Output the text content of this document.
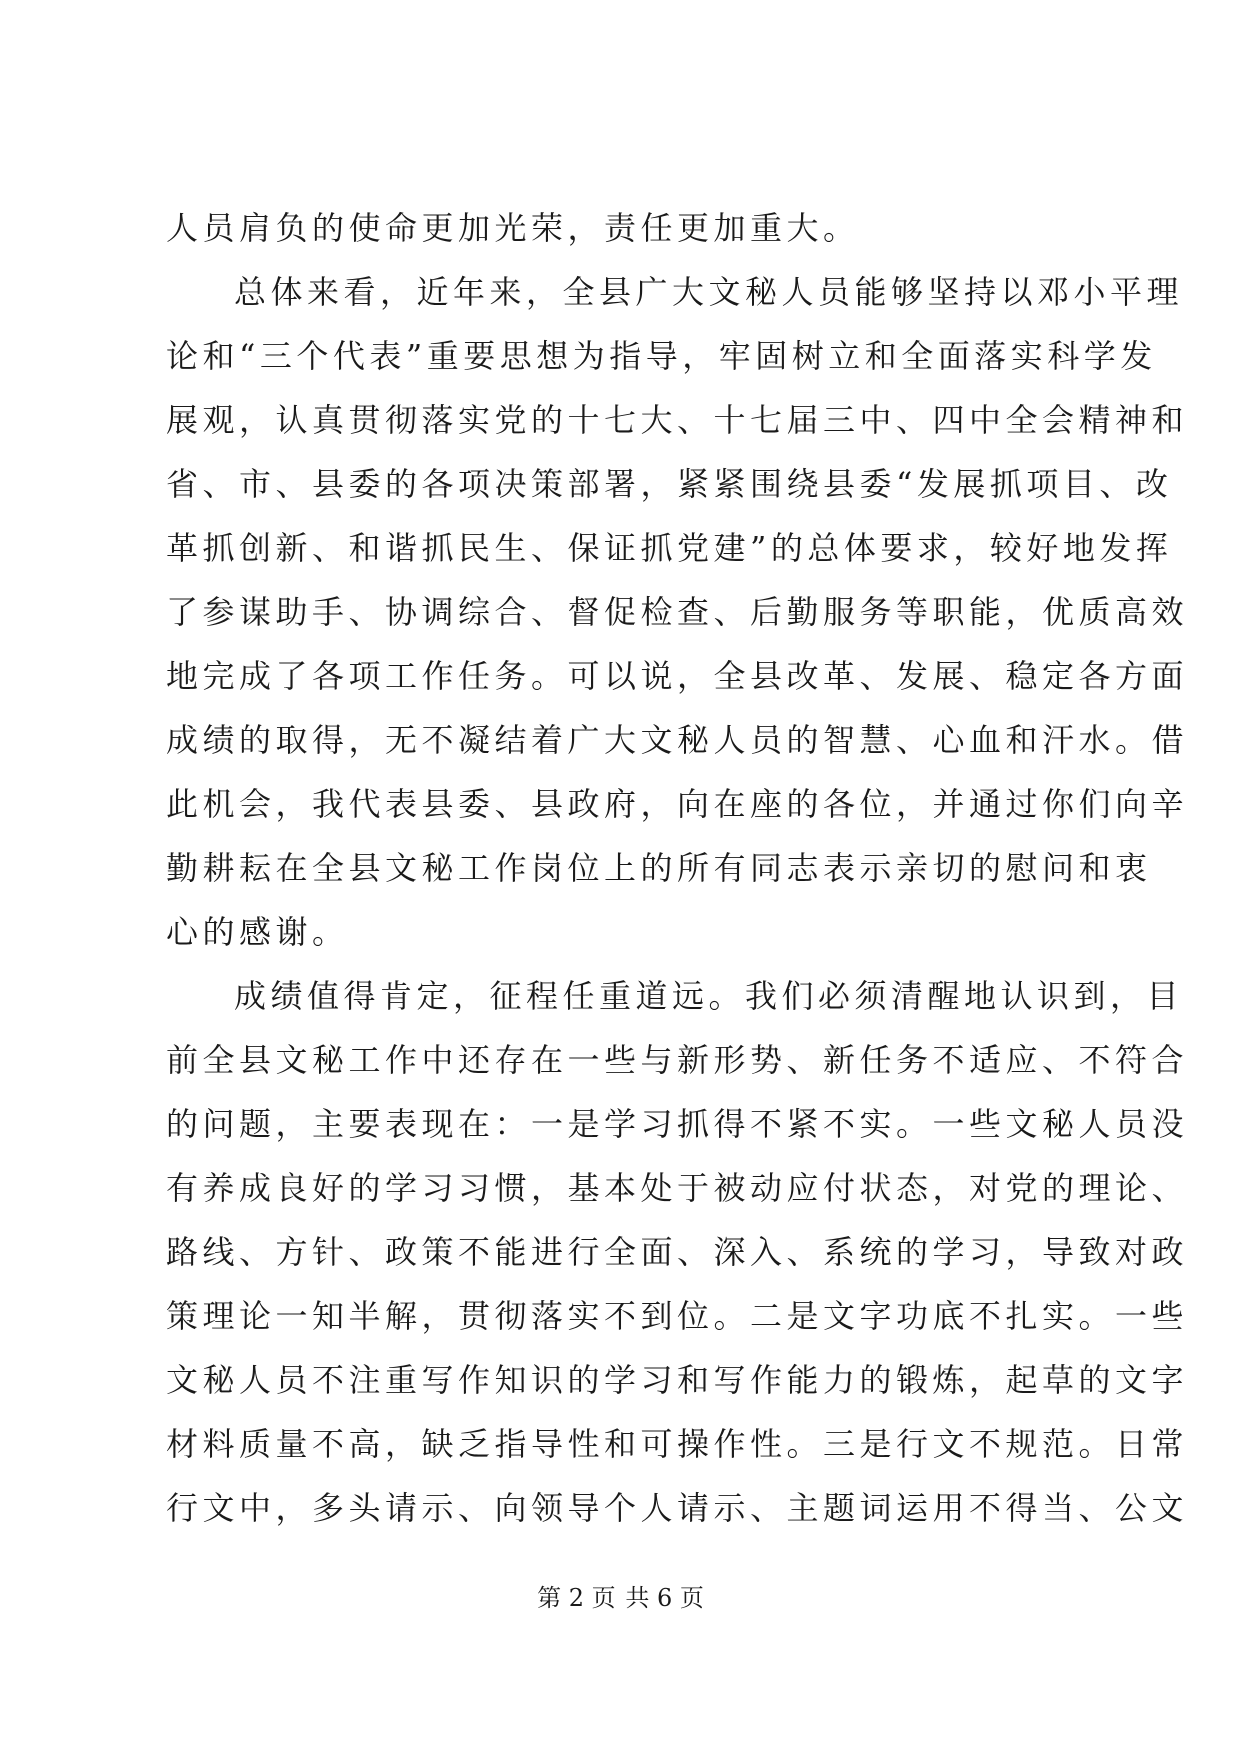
人员肩负的使命更加光荣，责任更加重大。
总体来看，近年来，全县广大文秘人员能够坚持以邓小平理
论和“三个代表”重要思想为指导，牢固树立和全面落实科学发
展观，认真贯彻落实党的十七大、十七届三中、四中全会精神和
省、市、县委的各项决策部署，紧紧围绕县委“发展抓项目、改
革抓创新、和谐抓民生、保证抓党建”的总体要求，较好地发挥
了参谋助手、协调综合、督促检查、后勤服务等职能，优质高效
地完成了各项工作任务。可以说，全县改革、发展、稳定各方面
成绩的取得，无不凝结着广大文秘人员的智慧、心血和汗水。借
此机会，我代表县委、县政府，向在座的各位，并通过你们向辛
勤耕耘在全县文秘工作岗位上的所有同志表示亲切的慰问和衷
心的感谢。
成绩值得肯定，征程任重道远。我们必须清醒地认识到，目
前全县文秘工作中还存在一些与新形势、新任务不适应、不符合
的问题，主要表现在：一是学习抓得不紧不实。一些文秘人员没
有养成良好的学习习惯，基本处于被动应付状态，对党的理论、
路线、方针、政策不能进行全面、深入、系统的学习，导致对政
策理论一知半解，贯彻落实不到位。二是文字功底不扎实。一些
文秘人员不注重写作知识的学习和写作能力的锻炼，起草的文字
材料质量不高，缺乏指导性和可操作性。三是行文不规范。日常
行文中，多头请示、向领导个人请示、主题词运用不得当、公文
第 2 页 共 6 页
